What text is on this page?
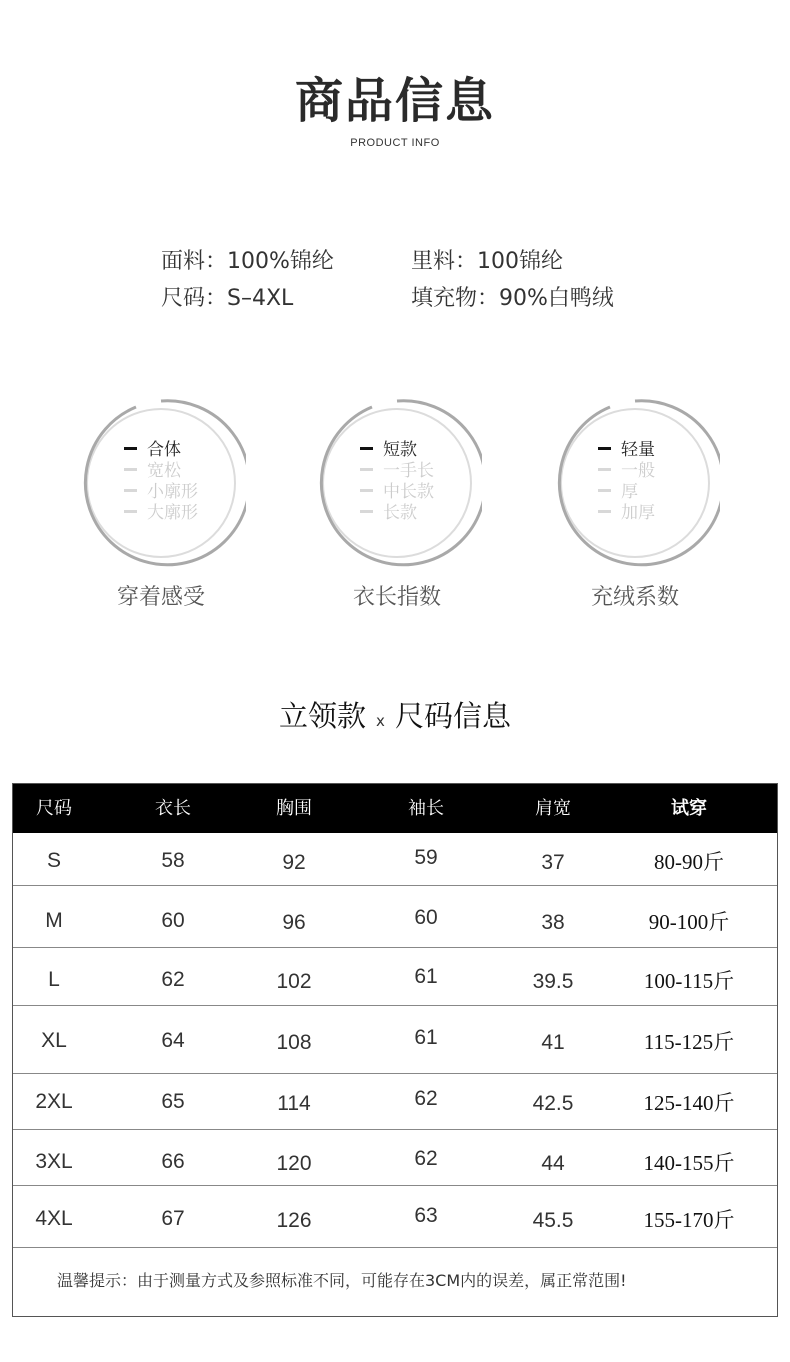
商品信息
PRODUCT INFO
面料：100%锦纶	里料：100锦纶
尺码：S–4XL	填充物：90%白鸭绒
合体
宽松
小廓形
大廓形
穿着感受
短款
一手长
中长款
长款
衣长指数
轻量
一般
厚
加厚
充绒系数
立领款 x 尺码信息
尺码	衣长	胸围	袖长	肩宽	试穿
S	58	92	59	37	80-90斤
M	60	96	60	38	90-100斤
L	62	102	61	39.5	100-115斤
XL	64	108	61	41	115-125斤
2XL	65	114	62	42.5	125-140斤
3XL	66	120	62	44	140-155斤
4XL	67	126	63	45.5	155-170斤
温馨提示：由于测量方式及参照标准不同，可能存在3CM内的误差，属正常范围!
